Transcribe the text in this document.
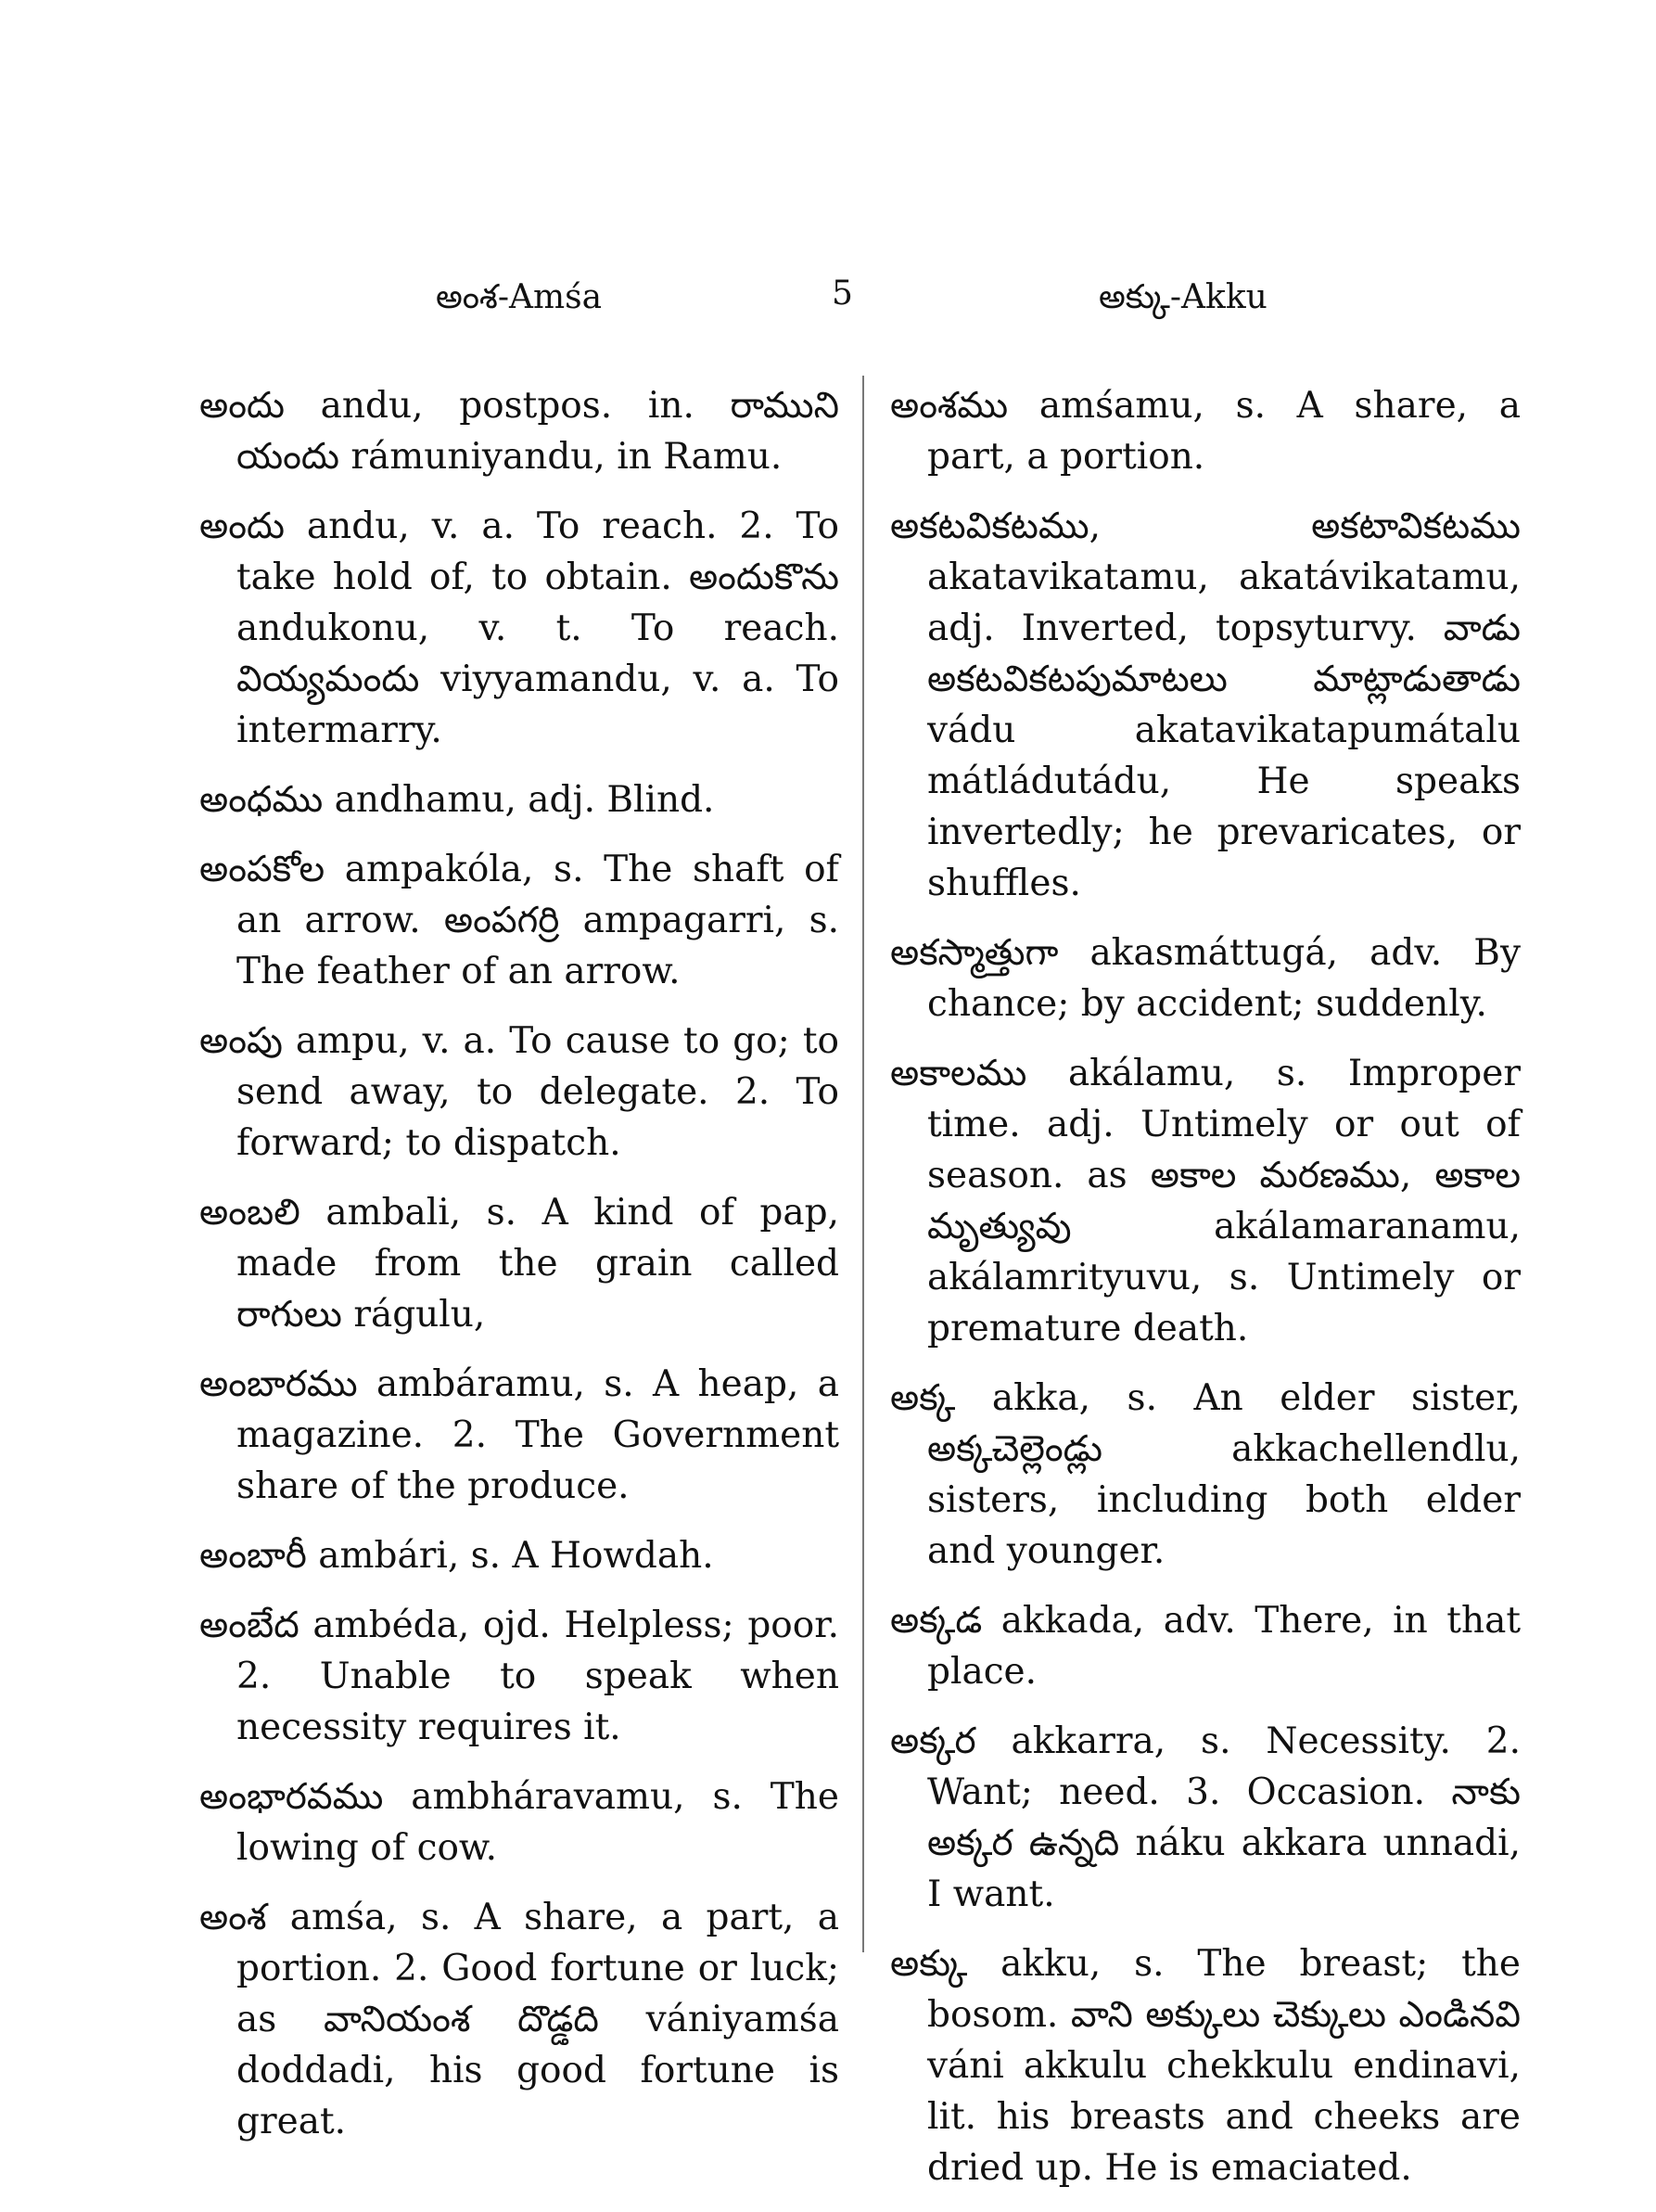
అంశ-Amśa	5	అక్కు-Akku
అందు andu, postpos. in. రాముని యందు rámuniyandu, in Ramu.
అందు andu, v. a. To reach. 2. To take hold of, to obtain. అందుకొను andukonu, v. t. To reach. వియ్యమందు viyyamandu, v. a. To intermarry.
అంధము andhamu, adj. Blind.
అంపకోల ampakóla, s. The shaft of an arrow. అంపగర్రి ampagarri, s. The feather of an arrow.
అంపు ampu, v. a. To cause to go; to send away, to delegate. 2. To forward; to dispatch.
అంబలి ambali, s. A kind of pap, made from the grain called రాగులు rágulu,
అంబారము ambáramu, s. A heap, a magazine. 2. The Government share of the produce.
అంబారీ ambári, s. A Howdah.
అంబేద ambéda, ojd. Helpless; poor. 2. Unable to speak when necessity requires it.
అంభారవము ambháravamu, s. The lowing of cow.
అంశ amśa, s. A share, a part, a portion. 2. Good fortune or luck; as వానియంశ దొడ్డది vániyamśa doddadi, his good fortune is great.
అంశము amśamu, s. A share, a part, a portion.
అకటవికటము, అకటావికటము akatavikatamu, akatávikatamu, adj. Inverted, topsyturvy. వాడు అకటవికటపుమాటలు మాట్లాడుతాడు vádu akatavikatapumátalu mátládutádu, He speaks invertedly; he prevaricates, or shuffles.
అకస్మాత్తుగా akasmáttugá, adv. By chance; by accident; suddenly.
అకాలము akálamu, s. Improper time. adj. Untimely or out of season. as అకాల మరణము, అకాల మృత్యువు akálamaranamu, akálamrityuvu, s. Untimely or premature death.
అక్క akka, s. An elder sister, అక్కచెల్లెండ్లు akkachellendlu, sisters, including both elder and younger.
అక్కడ akkada, adv. There, in that place.
అక్కర akkarra, s. Necessity. 2. Want; need. 3. Occasion. నాకు అక్కర ఉన్నది náku akkara unnadi, I want.
అక్కు akku, s. The breast; the bosom. వాని అక్కులు చెక్కులు ఎండినవి váni akkulu chekkulu endinavi, lit. his breasts and cheeks are dried up. He is emaciated.
